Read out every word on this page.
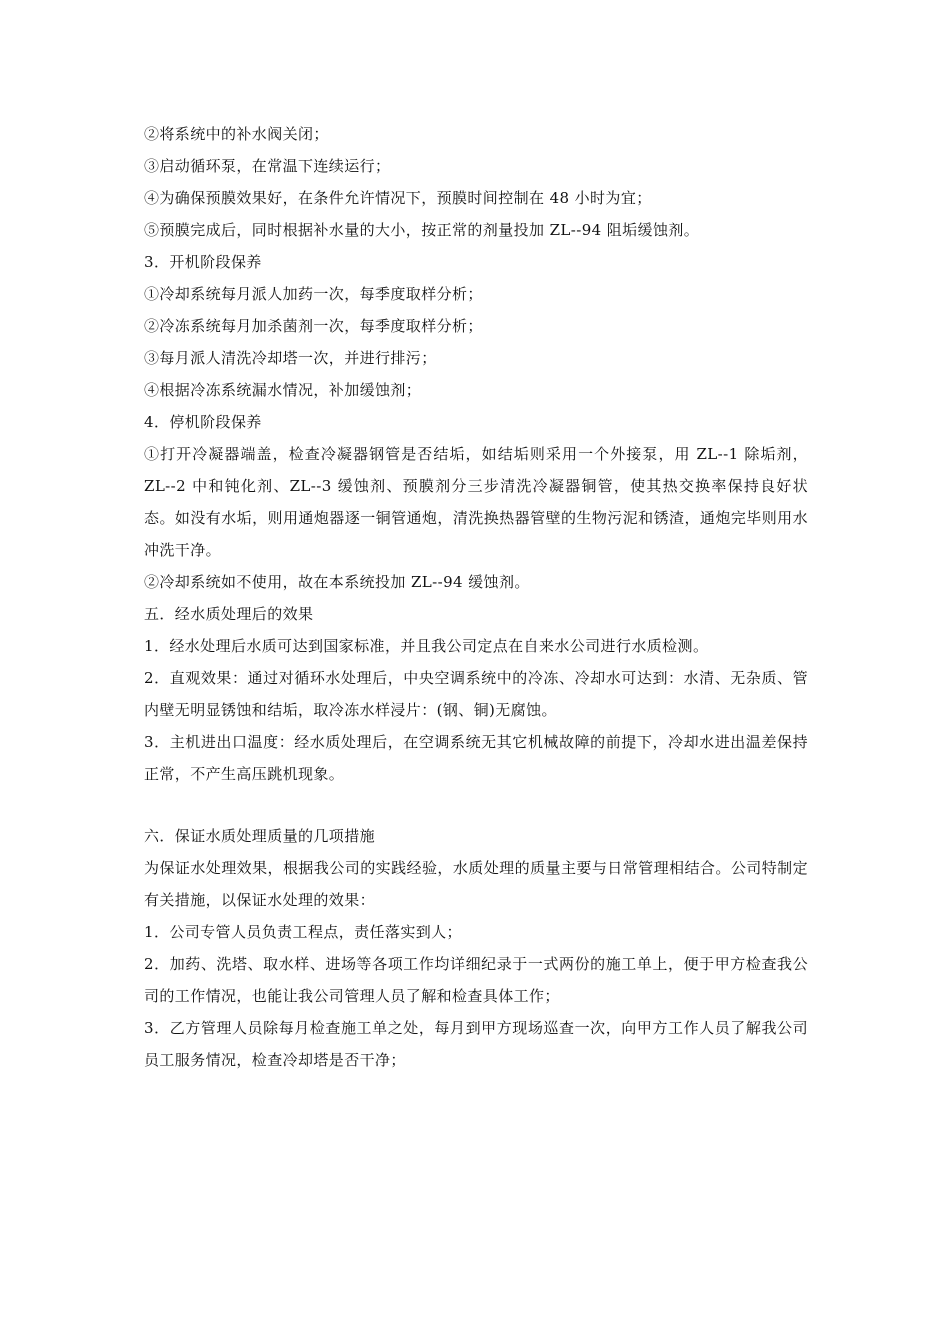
②将系统中的补水阀关闭；
③启动循环泵，在常温下连续运行；
④为确保预膜效果好，在条件允许情况下，预膜时间控制在 48 小时为宜；
⑤预膜完成后，同时根据补水量的大小，按正常的剂量投加 ZL--94 阻垢缓蚀剂。
3．开机阶段保养
①冷却系统每月派人加药一次，每季度取样分析；
②冷冻系统每月加杀菌剂一次，每季度取样分析；
③每月派人清洗冷却塔一次，并进行排污；
④根据冷冻系统漏水情况，补加缓蚀剂；
4．停机阶段保养
①打开冷凝器端盖，检查冷凝器钢管是否结垢，如结垢则采用一个外接泵，用 ZL--1 除垢剂，ZL--2 中和钝化剂、ZL--3 缓蚀剂、预膜剂分三步清洗冷凝器铜管，使其热交换率保持良好状态。如没有水垢，则用通炮器逐一铜管通炮，清洗换热器管壁的生物污泥和锈渣，通炮完毕则用水冲洗干净。
②冷却系统如不使用，故在本系统投加 ZL--94 缓蚀剂。
五．经水质处理后的效果
1．经水处理后水质可达到国家标准，并且我公司定点在自来水公司进行水质检测。
2．直观效果：通过对循环水处理后，中央空调系统中的冷冻、冷却水可达到：水清、无杂质、管内壁无明显锈蚀和结垢，取冷冻水样浸片：(钢、铜)无腐蚀。
3．主机进出口温度：经水质处理后，在空调系统无其它机械故障的前提下，冷却水进出温差保持正常，不产生高压跳机现象。
六．保证水质处理质量的几项措施
为保证水处理效果，根据我公司的实践经验，水质处理的质量主要与日常管理相结合。公司特制定有关措施，以保证水处理的效果：
1．公司专管人员负责工程点，责任落实到人；
2．加药、洗塔、取水样、进场等各项工作均详细纪录于一式两份的施工单上，便于甲方检查我公司的工作情况，也能让我公司管理人员了解和检查具体工作；
3．乙方管理人员除每月检查施工单之处，每月到甲方现场巡查一次，向甲方工作人员了解我公司员工服务情况，检查冷却塔是否干净；
